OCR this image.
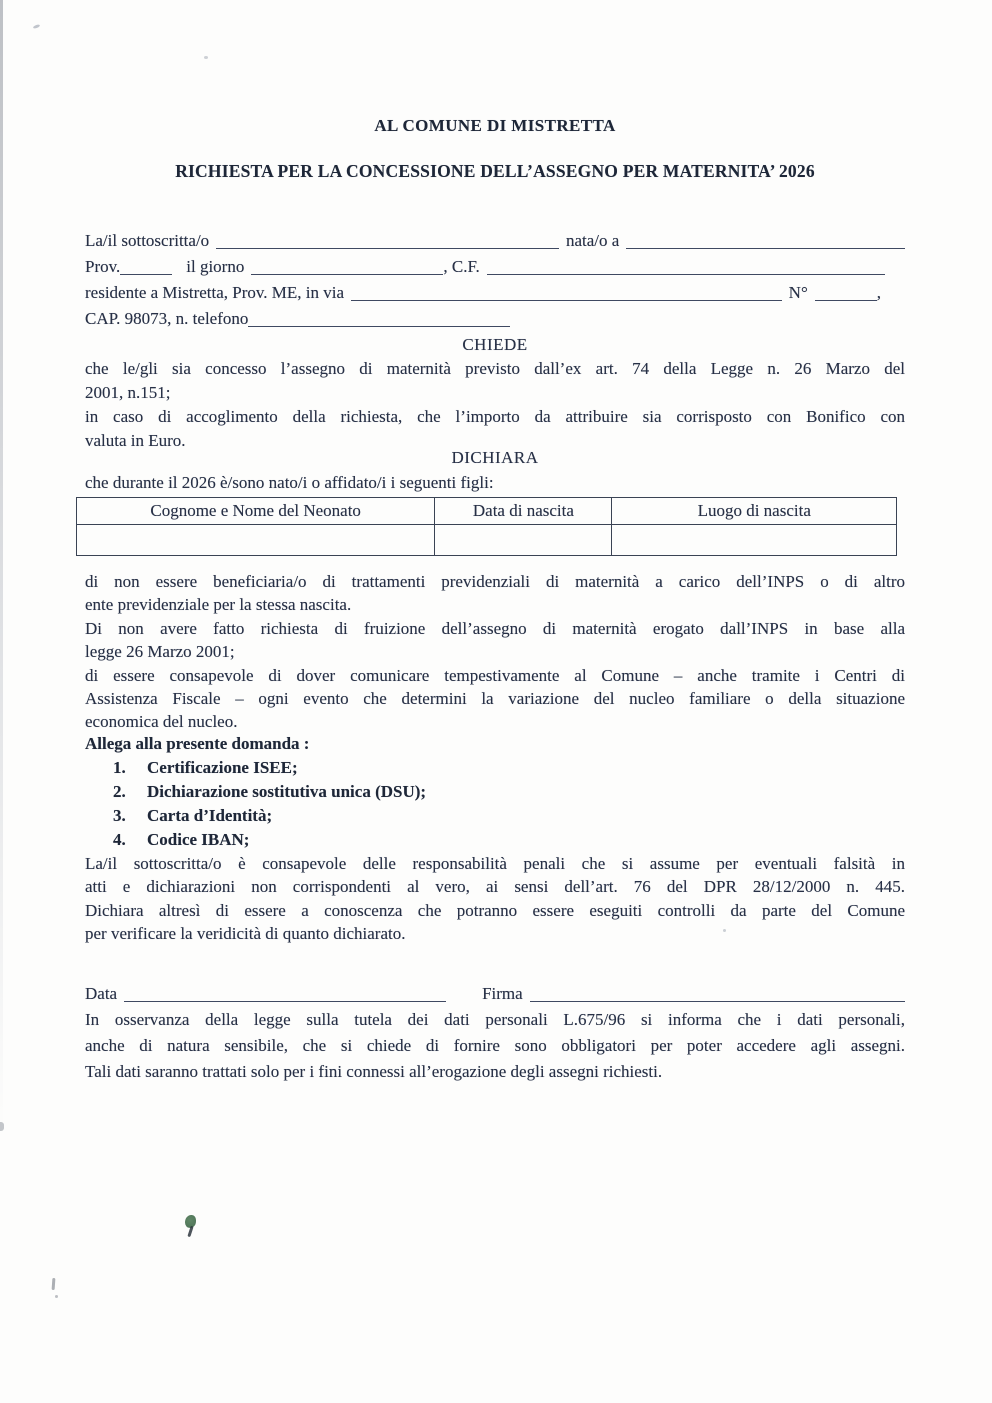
AL COMUNE DI MISTRETTA
RICHIESTA PER LA CONCESSIONE DELL’ASSEGNO PER MATERNITA’ 2026
La/il sottoscritta/o	nata/o a
Prov.	il giorno	, C.F.
residente a Mistretta, Prov. ME, in via	N°	,
CAP. 98073, n. telefono
CHIEDE
che le/gli sia concesso l’assegno di maternità previsto dall’ex art. 74 della Legge n. 26 Marzo del
2001, n.151;
in caso di accoglimento della richiesta, che l’importo da attribuire sia corrisposto con Bonifico con
valuta in Euro.
DICHIARA
che durante il 2026 è/sono nato/i o affidato/i i seguenti figli:
Cognome e Nome del Neonato	Data di nascita	Luogo di nascita

di non essere beneficiaria/o di trattamenti previdenziali di maternità a carico dell’INPS o di altro
ente previdenziale per la stessa nascita.
Di non avere fatto richiesta di fruizione dell’assegno di maternità erogato dall’INPS in base alla
legge 26 Marzo 2001;
di essere consapevole di dover comunicare tempestivamente al Comune – anche tramite i Centri di
Assistenza Fiscale – ogni evento che determini la variazione del nucleo familiare o della situazione
economica del nucleo.
Allega alla presente domanda :
1.	Certificazione ISEE;
2.	Dichiarazione sostitutiva unica (DSU);
3.	Carta d’Identità;
4.	Codice IBAN;
La/il sottoscritta/o è consapevole delle responsabilità penali che si assume per eventuali falsità in
atti e dichiarazioni non corrispondenti al vero, ai sensi dell’art. 76 del DPR 28/12/2000 n. 445.
Dichiara altresì di essere a conoscenza che potranno essere eseguiti controlli da parte del Comune
per verificare la veridicità di quanto dichiarato.
Data	Firma
In osservanza della legge sulla tutela dei dati personali L.675/96 si informa che i dati personali,
anche di natura sensibile, che si chiede di fornire sono obbligatori per poter accedere agli assegni.
Tali dati saranno trattati solo per i fini connessi all’erogazione degli assegni richiesti.
